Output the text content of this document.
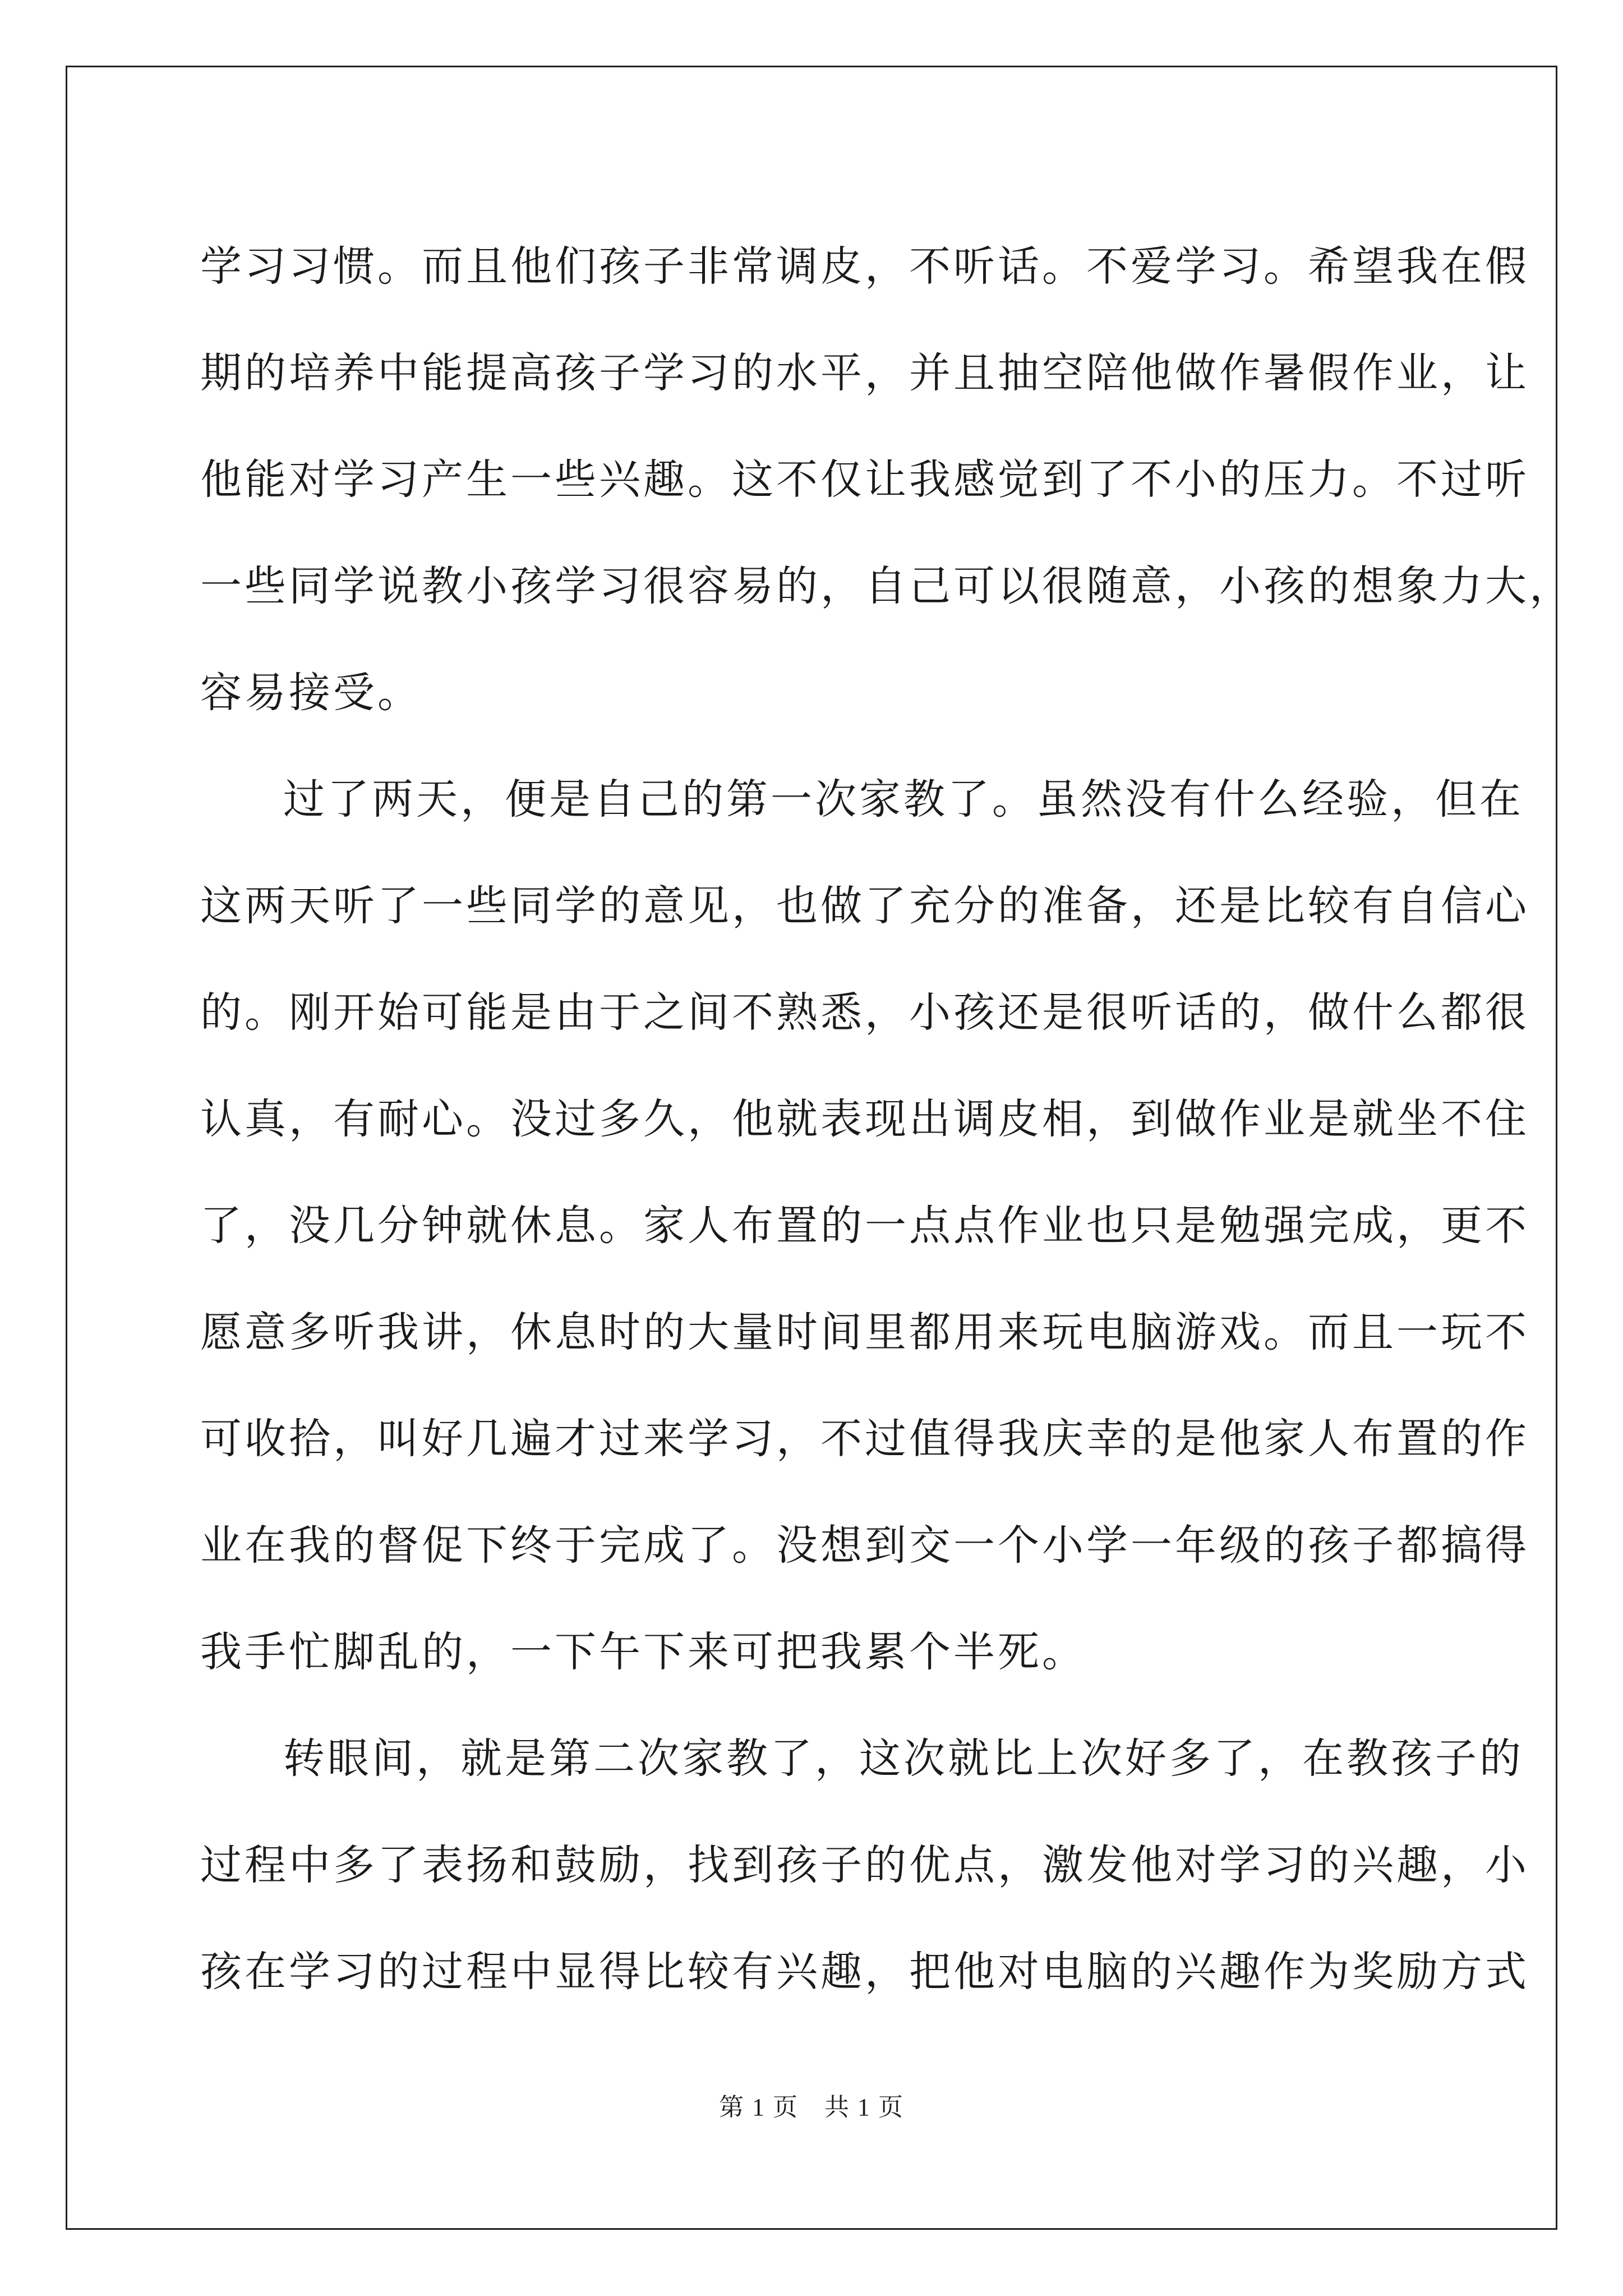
学习习惯。而且他们孩子非常调皮，不听话。不爱学习。希望我在假
期的培养中能提高孩子学习的水平，并且抽空陪他做作暑假作业，让
他能对学习产生一些兴趣。这不仅让我感觉到了不小的压力。不过听
一些同学说教小孩学习很容易的，自己可以很随意，小孩的想象力大，
容易接受。
过了两天，便是自己的第一次家教了。虽然没有什么经验，但在
这两天听了一些同学的意见，也做了充分的准备，还是比较有自信心
的。刚开始可能是由于之间不熟悉，小孩还是很听话的，做什么都很
认真，有耐心。没过多久，他就表现出调皮相，到做作业是就坐不住
了，没几分钟就休息。家人布置的一点点作业也只是勉强完成，更不
愿意多听我讲，休息时的大量时间里都用来玩电脑游戏。而且一玩不
可收拾，叫好几遍才过来学习，不过值得我庆幸的是他家人布置的作
业在我的督促下终于完成了。没想到交一个小学一年级的孩子都搞得
我手忙脚乱的，一下午下来可把我累个半死。
转眼间，就是第二次家教了，这次就比上次好多了，在教孩子的
过程中多了表扬和鼓励，找到孩子的优点，激发他对学习的兴趣，小
孩在学习的过程中显得比较有兴趣，把他对电脑的兴趣作为奖励方式
第 1 页 共 1 页
